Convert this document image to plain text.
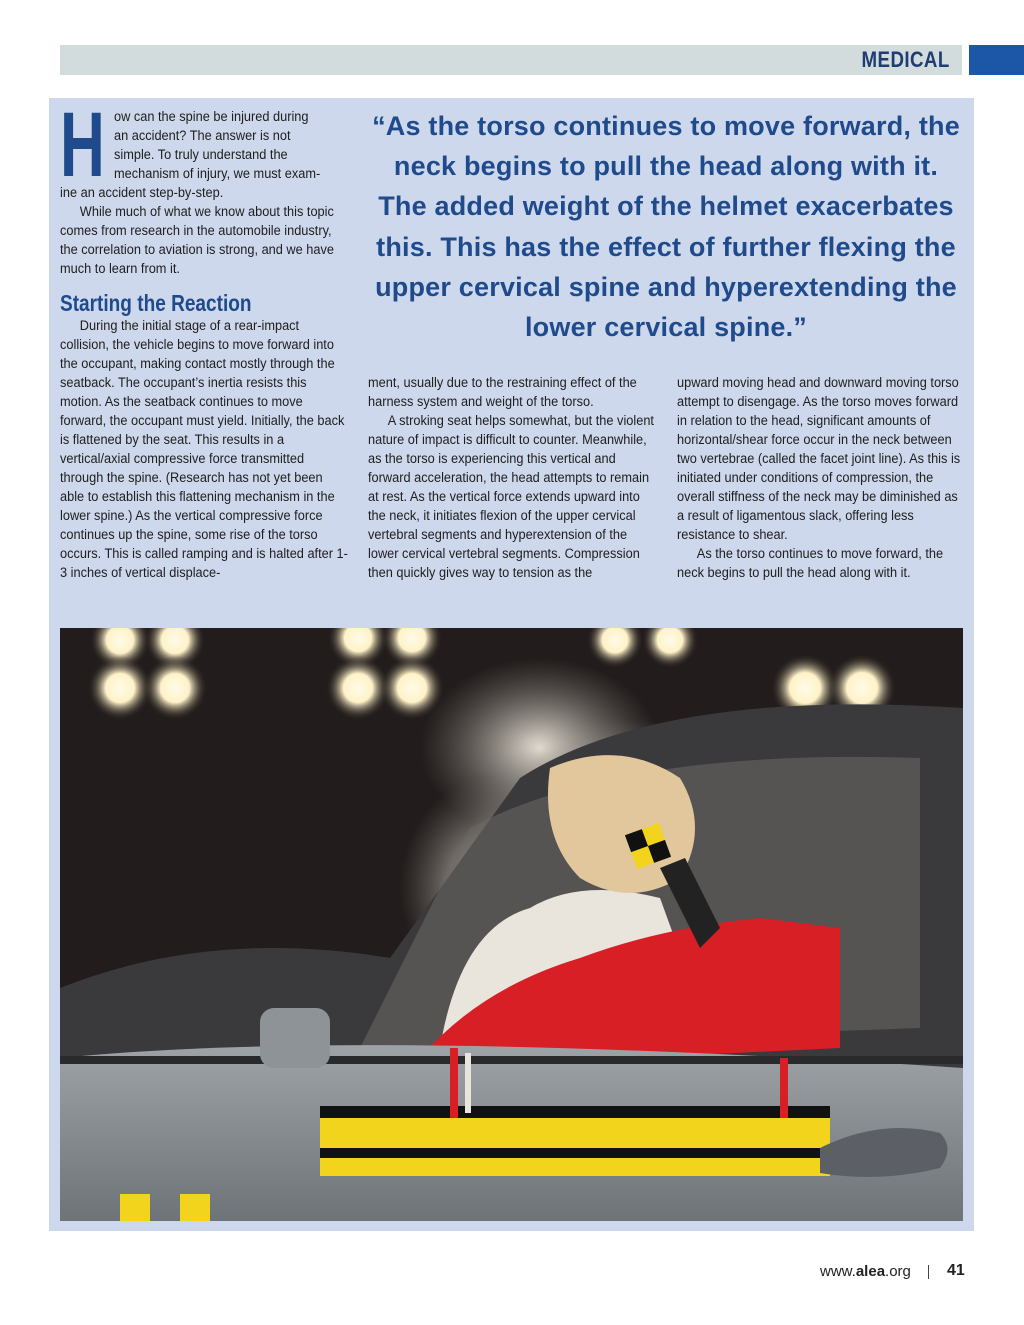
MEDICAL
“As the torso continues to move forward, the neck begins to pull the head along with it. The added weight of the helmet exacerbates this. This has the effect of further flexing the upper cervical spine and hyperextending the lower cervical spine.”
H ow can the spine be injured during

an accident? The answer is not

simple. To truly understand the

mechanism of injury, we must exam-

ine an accident step-by-step.

While much of what we know about this topic comes from research in the automobile industry, the correlation to aviation is strong, and we have much to learn from it.

Starting the Reaction

During the initial stage of a rear-impact collision, the vehicle begins to move forward into the occupant, making contact mostly through the seatback. The occupant’s inertia resists this motion. As the seatback continues to move forward, the occupant must yield. Initially, the back is flattened by the seat. This results in a vertical/axial compressive force transmitted through the spine. (Research has not yet been able to establish this flattening mechanism in the lower spine.) As the vertical compressive force continues up the spine, some rise of the torso occurs. This is called ramping and is halted after 1-3 inches of vertical displace-

ment, usually due to the restraining effect of the harness system and weight of the torso.

A stroking seat helps somewhat, but the violent nature of impact is difficult to counter. Meanwhile, as the torso is experiencing this vertical and forward acceleration, the head attempts to remain at rest. As the vertical force extends upward into the neck, it initiates flexion of the upper cervical vertebral segments and hyperextension of the lower cervical vertebral segments. Compression then quickly gives way to tension as the

upward moving head and downward moving torso attempt to disengage. As the torso moves forward in relation to the head, significant amounts of horizontal/shear force occur in the neck between two vertebrae (called the facet joint line). As this is initiated under conditions of compression, the overall stiffness of the neck may be diminished as a result of ligamentous slack, offering less resistance to shear.

As the torso continues to move forward, the neck begins to pull the head along with it.

www.alea.org 41
